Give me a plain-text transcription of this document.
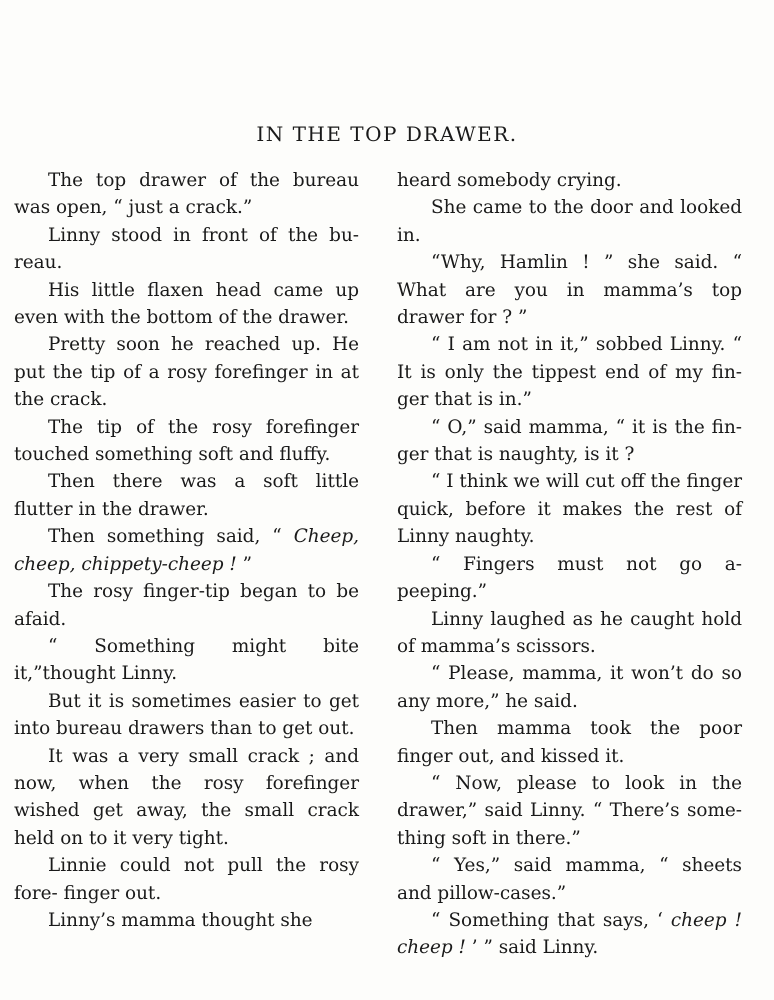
IN THE TOP DRAWER.

The top drawer of the bureau was open, “ just a crack.”

Linny stood in front of the bu- reau.

His little flaxen head came up even with the bottom of the drawer.

Pretty soon he reached up. He put the tip of a rosy forefinger in at the crack.

The tip of the rosy forefinger touched something soft and fluffy.

Then there was a soft little flutter in the drawer.

Then something said, “ Cheep, cheep, chippety-cheep ! ”

The rosy finger-tip began to be afaid.

“ Something might bite it,”thought Linny.

But it is sometimes easier to get into bureau drawers than to get out.

It was a very small crack ; and now, when the rosy forefinger wished get away, the small crack held on to it very tight.

Linnie could not pull the rosy fore- finger out.

Linny’s mamma thought she

heard somebody crying.

She came to the door and looked in.

“Why, Hamlin ! ” she said. “ What are you in mamma’s top drawer for ? ”

“ I am not in it,” sobbed Linny. “ It is only the tippest end of my fin- ger that is in.”

“ O,” said mamma, “ it is the fin- ger that is naughty, is it ?

“ I think we will cut off the finger quick, before it makes the rest of Linny naughty.

“ Fingers must not go a-peeping.”

Linny laughed as he caught hold of mamma’s scissors.

“ Please, mamma, it won’t do so any more,” he said.

Then mamma took the poor finger out, and kissed it.

“ Now, please to look in the drawer,” said Linny. “ There’s some- thing soft in there.”

“ Yes,” said mamma, “ sheets and pillow-cases.”

“ Something that says, ‘ cheep ! cheep ! ’ ” said Linny.
